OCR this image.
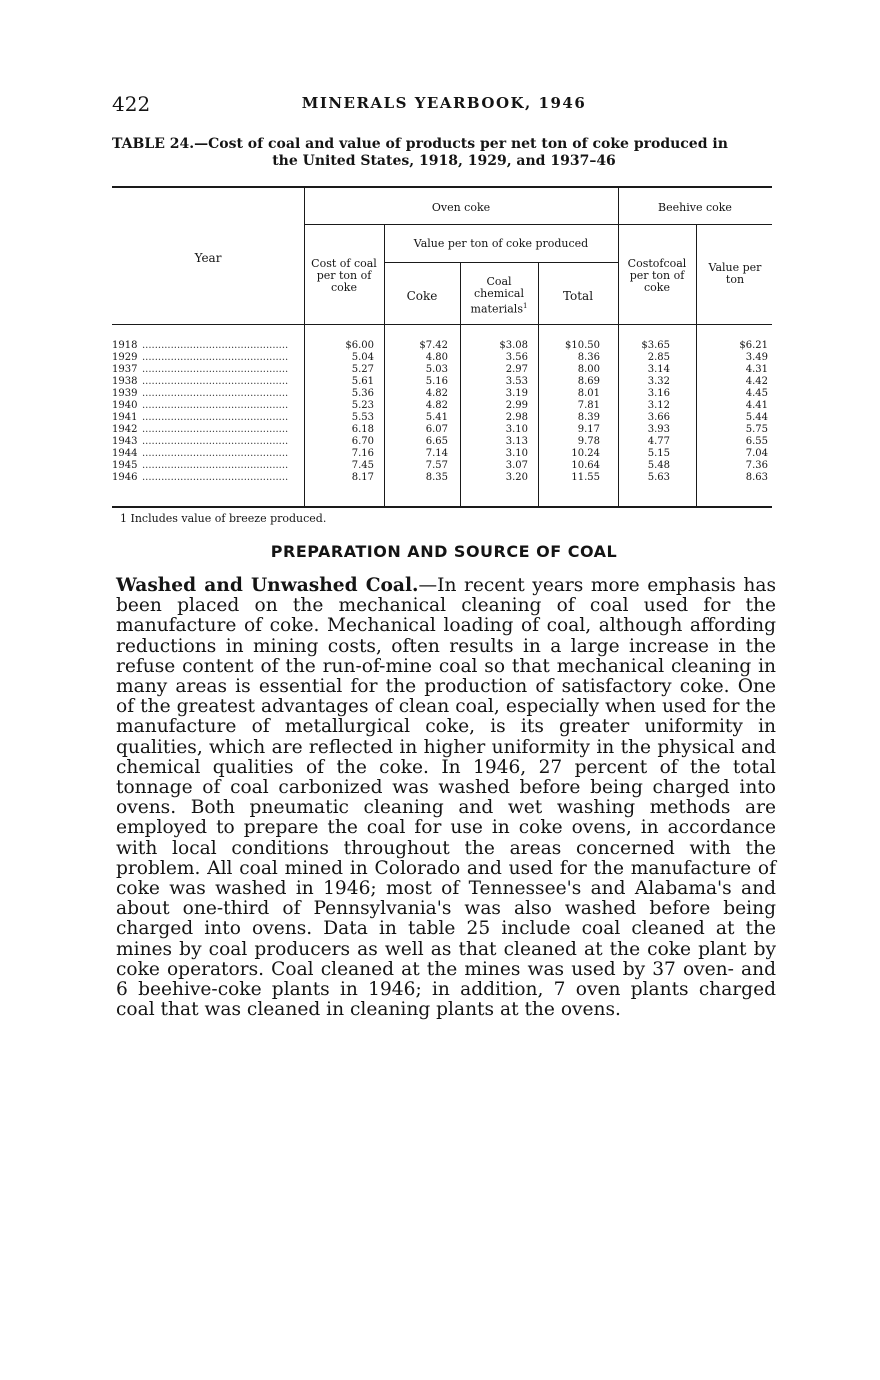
422	MINERALS YEARBOOK, 1946
TABLE 24.—Cost of coal and value of products per net ton of coke produced in
the United States, 1918, 1929, and 1937–46
Year
Oven coke	Beehive coke
Cost of coal per ton of coke
Value per ton of coke produced
Coke
Coal chemical materials$^1$
Total
Costofcoal per ton of coke
Value per ton
1918 ..............................................	$6.00	$7.42	$3.08	$10.50	$3.65	$6.21
1929 ..............................................	5.04	4.80	3.56	8.36	2.85	3.49
1937 ..............................................	5.27	5.03	2.97	8.00	3.14	4.31
1938 ..............................................	5.61	5.16	3.53	8.69	3.32	4.42
1939 ..............................................	5.36	4.82	3.19	8.01	3.16	4.45
1940 ..............................................	5.23	4.82	2.99	7.81	3.12	4.41
1941 ..............................................	5.53	5.41	2.98	8.39	3.66	5.44
1942 ..............................................	6.18	6.07	3.10	9.17	3.93	5.75
1943 ..............................................	6.70	6.65	3.13	9.78	4.77	6.55
1944 ..............................................	7.16	7.14	3.10	10.24	5.15	7.04
1945 ..............................................	7.45	7.57	3.07	10.64	5.48	7.36
1946 ..............................................	8.17	8.35	3.20	11.55	5.63	8.63
1 Includes value of breeze produced.
PREPARATION AND SOURCE OF COAL
Washed and Unwashed Coal.—In recent years more emphasis has been placed on the mechanical cleaning of coal used for the manufacture of coke. Mechanical loading of coal, although affording reductions in mining costs, often results in a large increase in the refuse content of the run-of-mine coal so that mechanical cleaning in many areas is essential for the production of satisfactory coke. One of the greatest advantages of clean coal, especially when used for the manufacture of metallurgical coke, is its greater uniformity in qualities, which are reflected in higher uniformity in the physical and chemical qualities of the coke. In 1946, 27 percent of the total tonnage of coal carbonized was washed before being charged into ovens. Both pneumatic cleaning and wet washing methods are employed to prepare the coal for use in coke ovens, in accordance with local conditions throughout the areas concerned with the problem. All coal mined in Colorado and used for the manufacture of coke was washed in 1946; most of Tennessee's and Alabama's and about one-third of Pennsylvania's was also washed before being charged into ovens. Data in table 25 include coal cleaned at the mines by coal producers as well as that cleaned at the coke plant by coke operators. Coal cleaned at the mines was used by 37 oven- and 6 beehive-coke plants in 1946; in addition, 7 oven plants charged coal that was cleaned in cleaning plants at the ovens.
